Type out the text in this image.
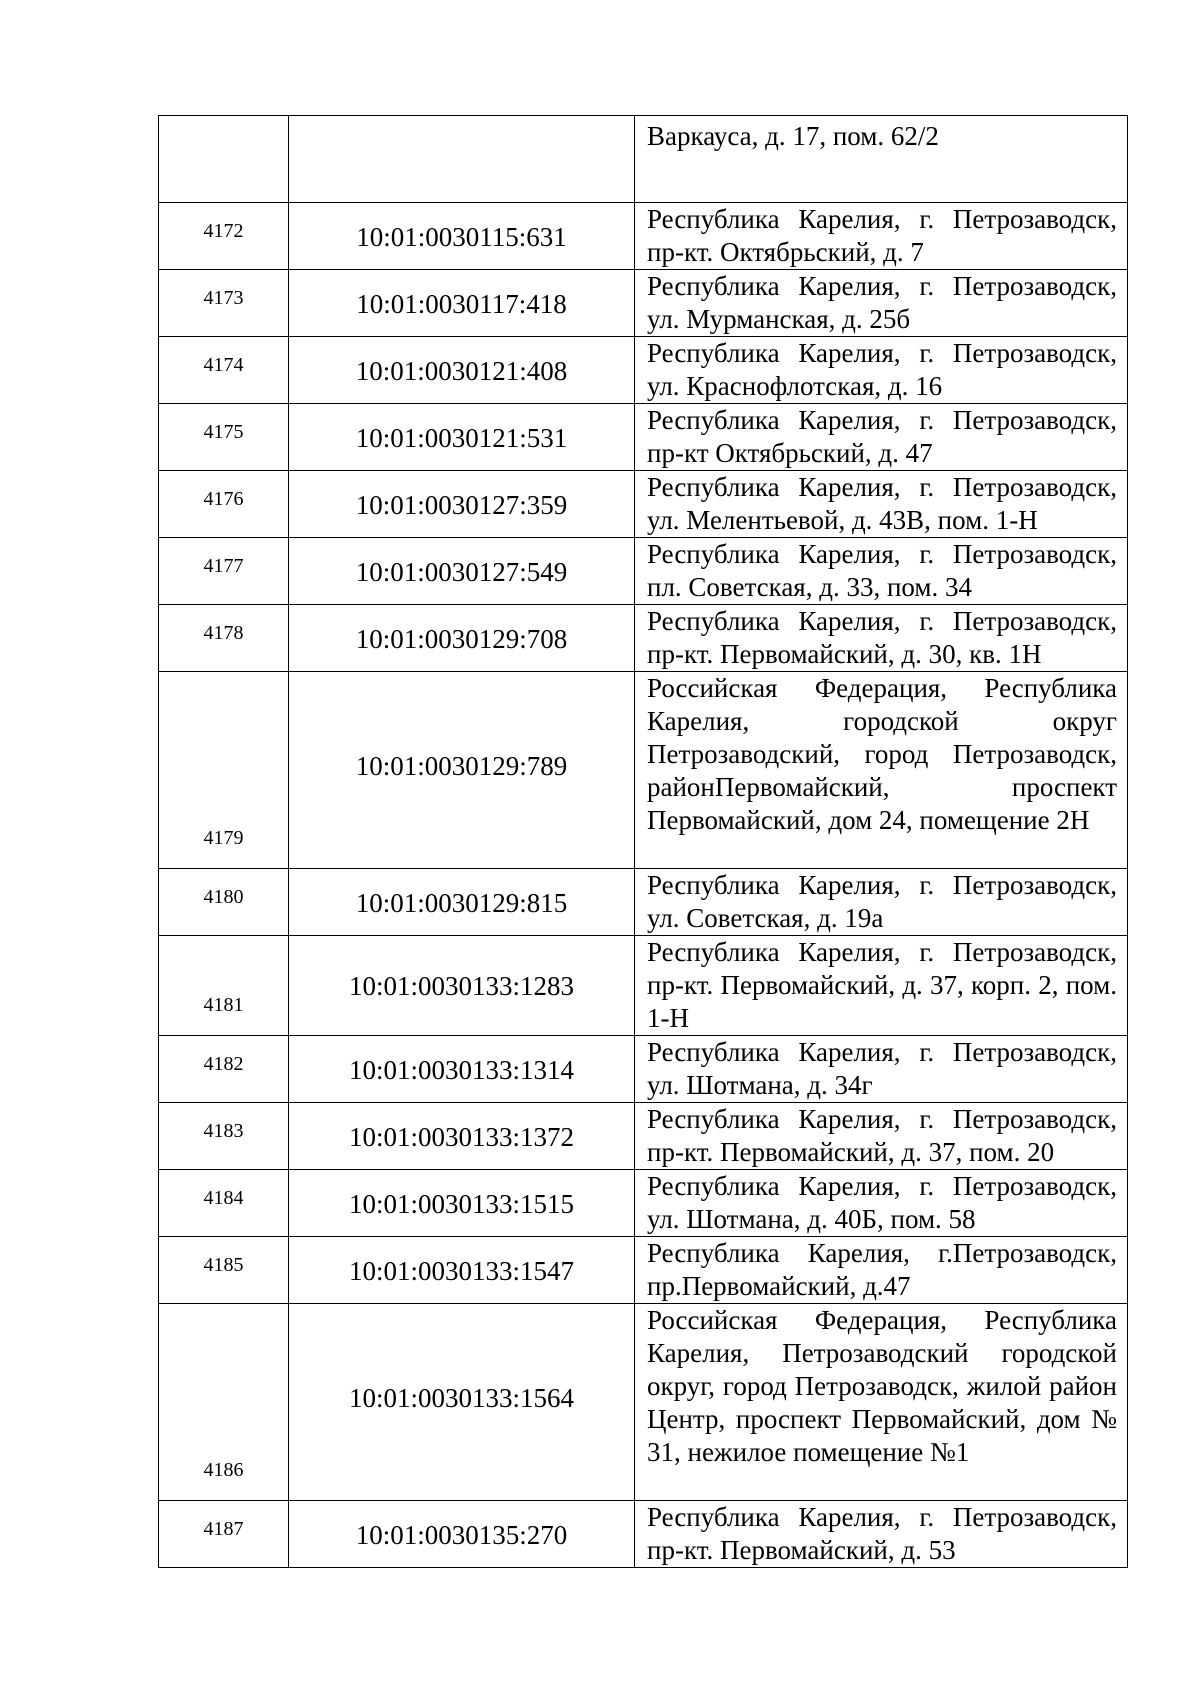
		Варкауса, д. 17, пом. 62/2
4172	10:01:0030115:631	Республика Карелия, г. Петрозаводск, пр-кт. Октябрьский, д. 7
4173	10:01:0030117:418	Республика Карелия, г. Петрозаводск, ул. Мурманская, д. 25б
4174	10:01:0030121:408	Республика Карелия, г. Петрозаводск, ул. Краснофлотская, д. 16
4175	10:01:0030121:531	Республика Карелия, г. Петрозаводск, пр-кт Октябрьский, д. 47
4176	10:01:0030127:359	Республика Карелия, г. Петрозаводск, ул. Мелентьевой, д. 43В, пом. 1-Н
4177	10:01:0030127:549	Республика Карелия, г. Петрозаводск, пл. Советская, д. 33, пом. 34
4178	10:01:0030129:708	Республика Карелия, г. Петрозаводск, пр-кт. Первомайский, д. 30, кв. 1Н
4179	10:01:0030129:789	Российская Федерация, Республика Карелия, городской округ Петрозаводский, город Петрозаводск, районПервомайский, проспект Первомайский, дом 24, помещение 2Н
4180	10:01:0030129:815	Республика Карелия, г. Петрозаводск, ул. Советская, д. 19а
4181	10:01:0030133:1283	Республика Карелия, г. Петрозаводск, пр-кт. Первомайский, д. 37, корп. 2, пом. 1-Н
4182	10:01:0030133:1314	Республика Карелия, г. Петрозаводск, ул. Шотмана, д. 34г
4183	10:01:0030133:1372	Республика Карелия, г. Петрозаводск, пр-кт. Первомайский, д. 37, пом. 20
4184	10:01:0030133:1515	Республика Карелия, г. Петрозаводск, ул. Шотмана, д. 40Б, пом. 58
4185	10:01:0030133:1547	Республика Карелия, г.Петрозаводск, пр.Первомайский, д.47
4186	10:01:0030133:1564	Российская Федерация, Республика Карелия, Петрозаводский городской округ, город Петрозаводск, жилой район Центр, проспект Первомайский, дом № 31, нежилое помещение №1
4187	10:01:0030135:270	Республика Карелия, г. Петрозаводск, пр-кт. Первомайский, д. 53
